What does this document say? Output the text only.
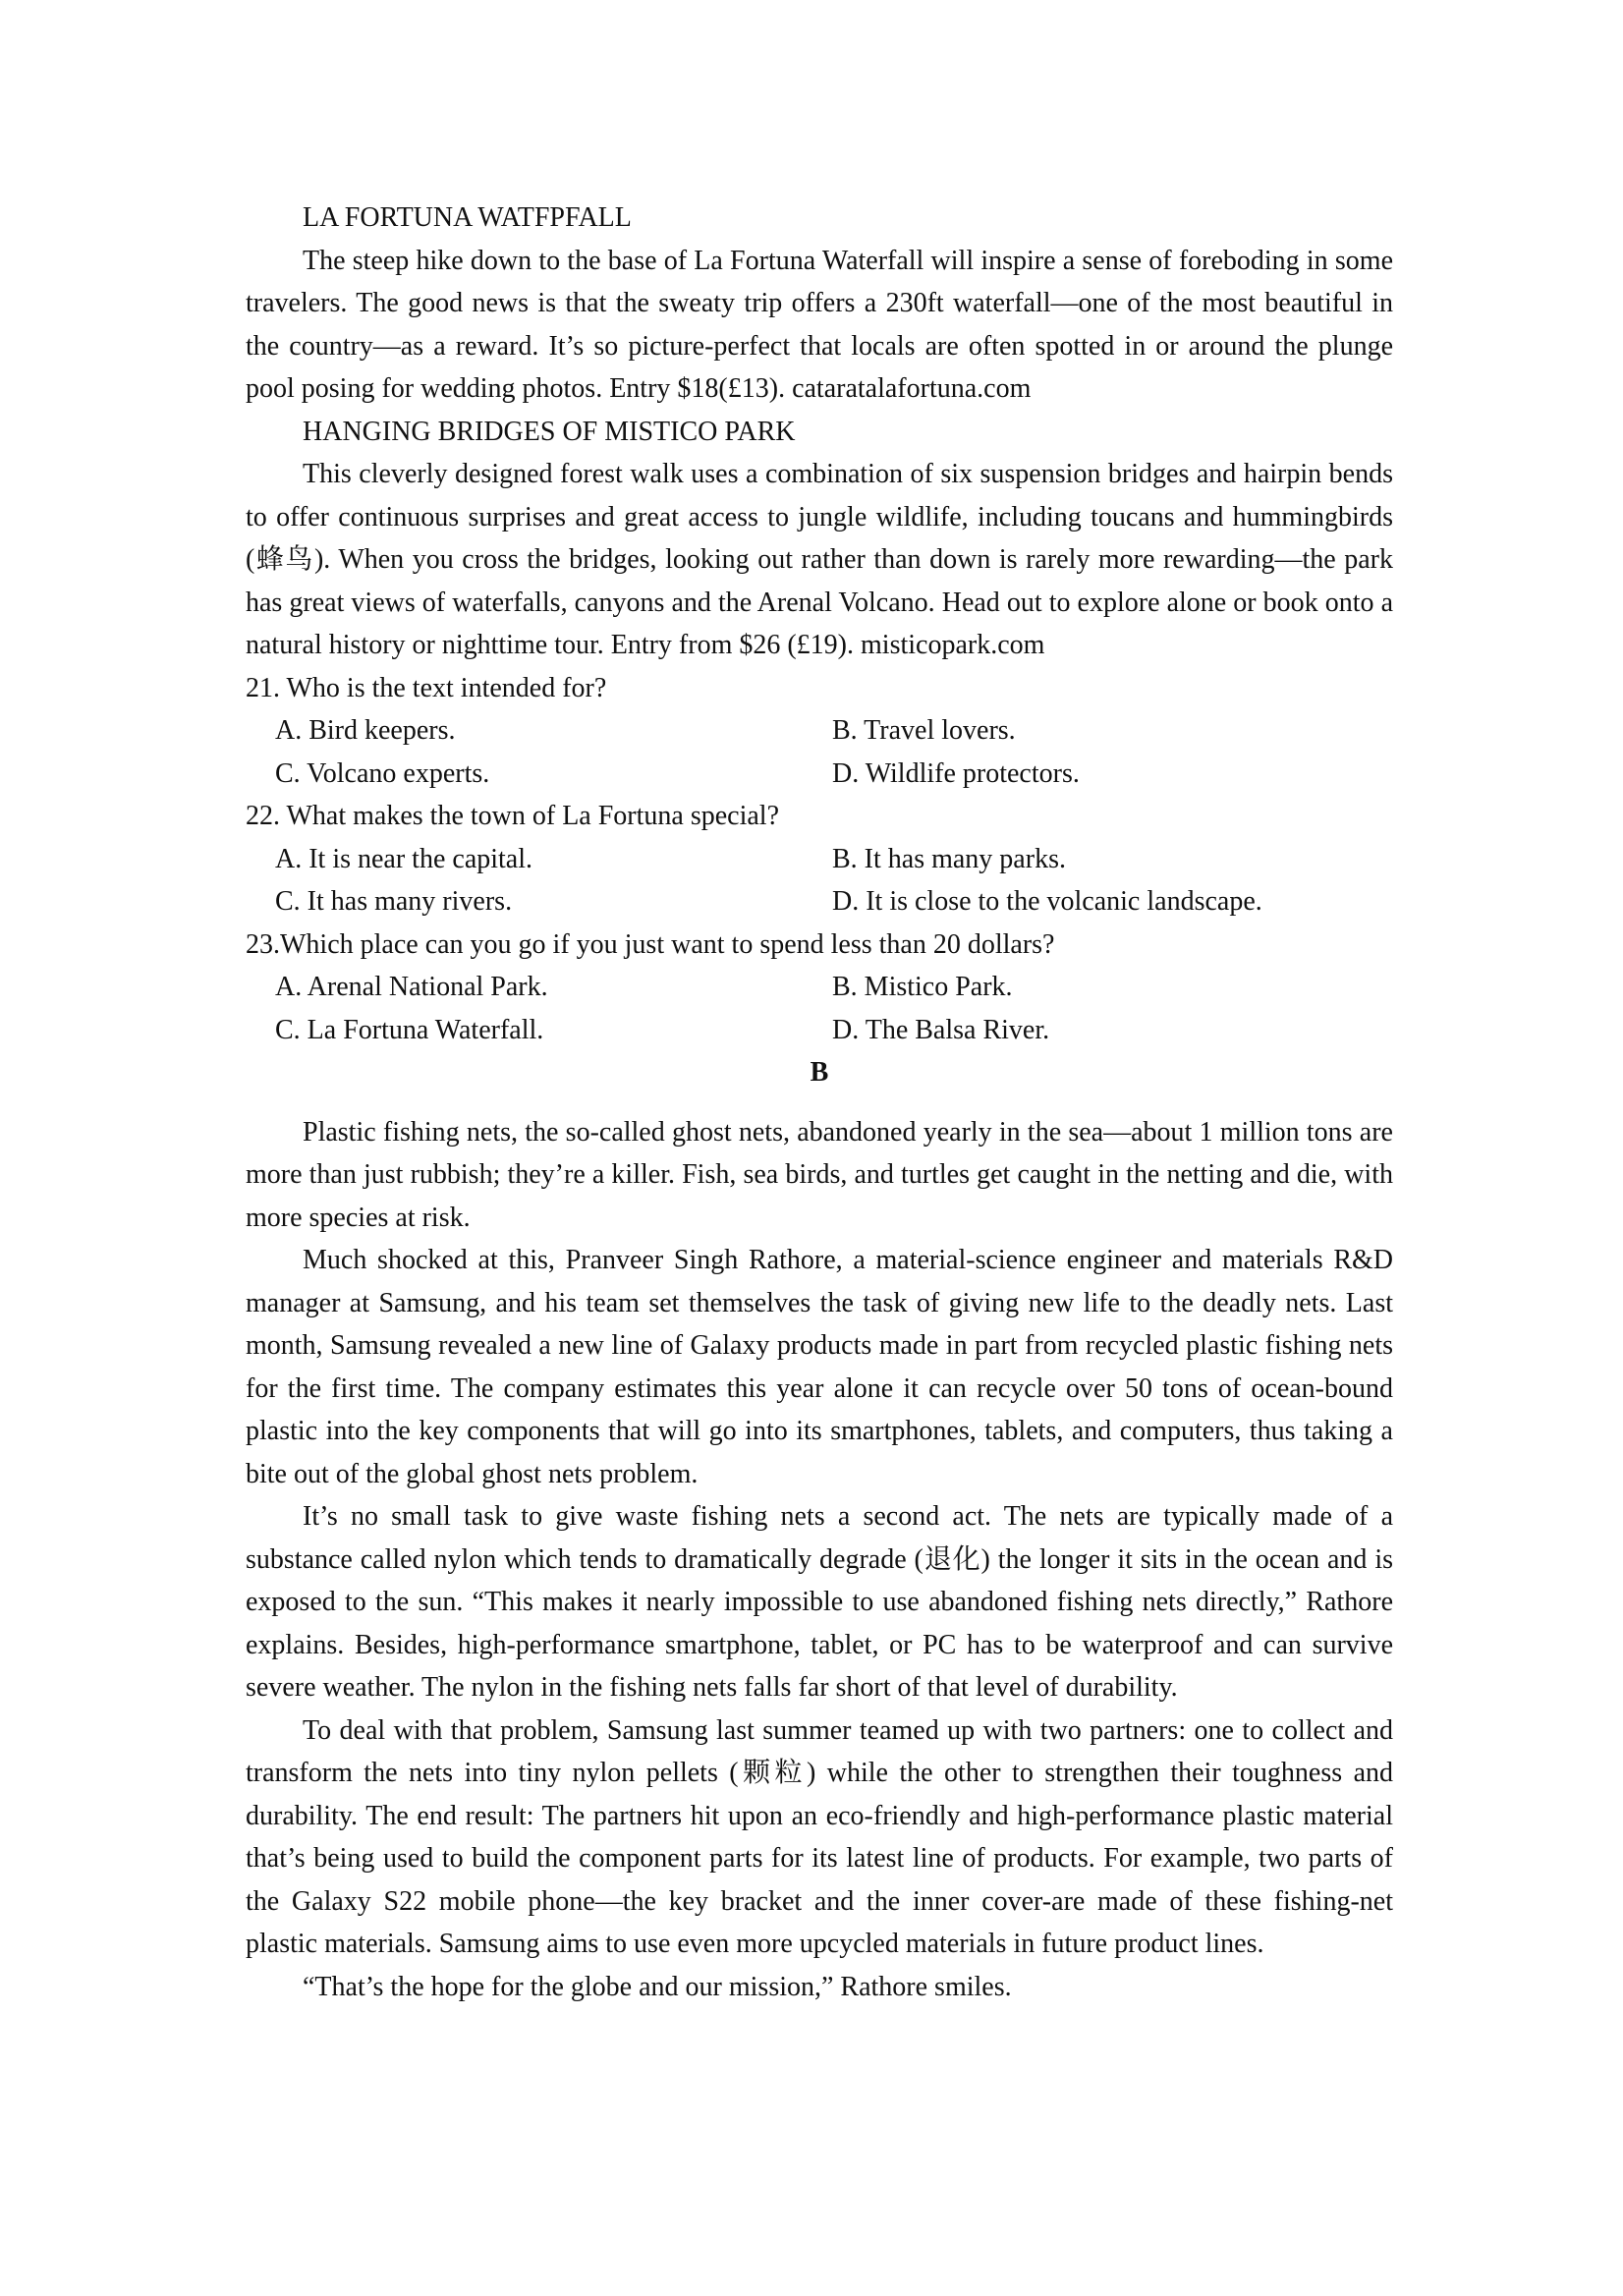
LA FORTUNA WATFPFALL

The steep hike down to the base of La Fortuna Waterfall will inspire a sense of foreboding in some travelers. The good news is that the sweaty trip offers a 230ft waterfall—one of the most beautiful in the country—as a reward. It’s so picture-perfect that locals are often spotted in or around the plunge pool posing for wedding photos. Entry $18(£13). cataratalafortuna.com

HANGING BRIDGES OF MISTICO PARK

This cleverly designed forest walk uses a combination of six suspension bridges and hairpin bends to offer continuous surprises and great access to jungle wildlife, including toucans and hummingbirds (蜂鸟). When you cross the bridges, looking out rather than down is rarely more rewarding—the park has great views of waterfalls, canyons and the Arenal Volcano. Head out to explore alone or book onto a natural history or nighttime tour. Entry from $26 (£19). misticopark.com

21. Who is the text intended for?

A. Bird keepers.	B. Travel lovers.
C. Volcano experts.	D. Wildlife protectors.

22. What makes the town of La Fortuna special?

A. It is near the capital.	B. It has many parks.
C. It has many rivers.	D. It is close to the volcanic landscape.

23.Which place can you go if you just want to spend less than 20 dollars?

A. Arenal National Park.	B. Mistico Park.
C. La Fortuna Waterfall.	D. The Balsa River.

B

Plastic fishing nets, the so-called ghost nets, abandoned yearly in the sea—about 1 million tons are more than just rubbish; they’re a killer. Fish, sea birds, and turtles get caught in the netting and die, with more species at risk.

Much shocked at this, Pranveer Singh Rathore, a material-science engineer and materials R&D manager at Samsung, and his team set themselves the task of giving new life to the deadly nets. Last month, Samsung revealed a new line of Galaxy products made in part from recycled plastic fishing nets for the first time. The company estimates this year alone it can recycle over 50 tons of ocean-bound plastic into the key components that will go into its smartphones, tablets, and computers, thus taking a bite out of the global ghost nets problem.

It’s no small task to give waste fishing nets a second act. The nets are typically made of a substance called nylon which tends to dramatically degrade (退化) the longer it sits in the ocean and is exposed to the sun. “This makes it nearly impossible to use abandoned fishing nets directly,” Rathore explains. Besides, high-performance smartphone, tablet, or PC has to be waterproof and can survive severe weather. The nylon in the fishing nets falls far short of that level of durability.

To deal with that problem, Samsung last summer teamed up with two partners: one to collect and transform the nets into tiny nylon pellets (颗粒) while the other to strengthen their toughness and durability. The end result: The partners hit upon an eco-friendly and high-performance plastic material that’s being used to build the component parts for its latest line of products. For example, two parts of the Galaxy S22 mobile phone—the key bracket and the inner cover-are made of these fishing-net plastic materials. Samsung aims to use even more upcycled materials in future product lines.

“That’s the hope for the globe and our mission,” Rathore smiles.
